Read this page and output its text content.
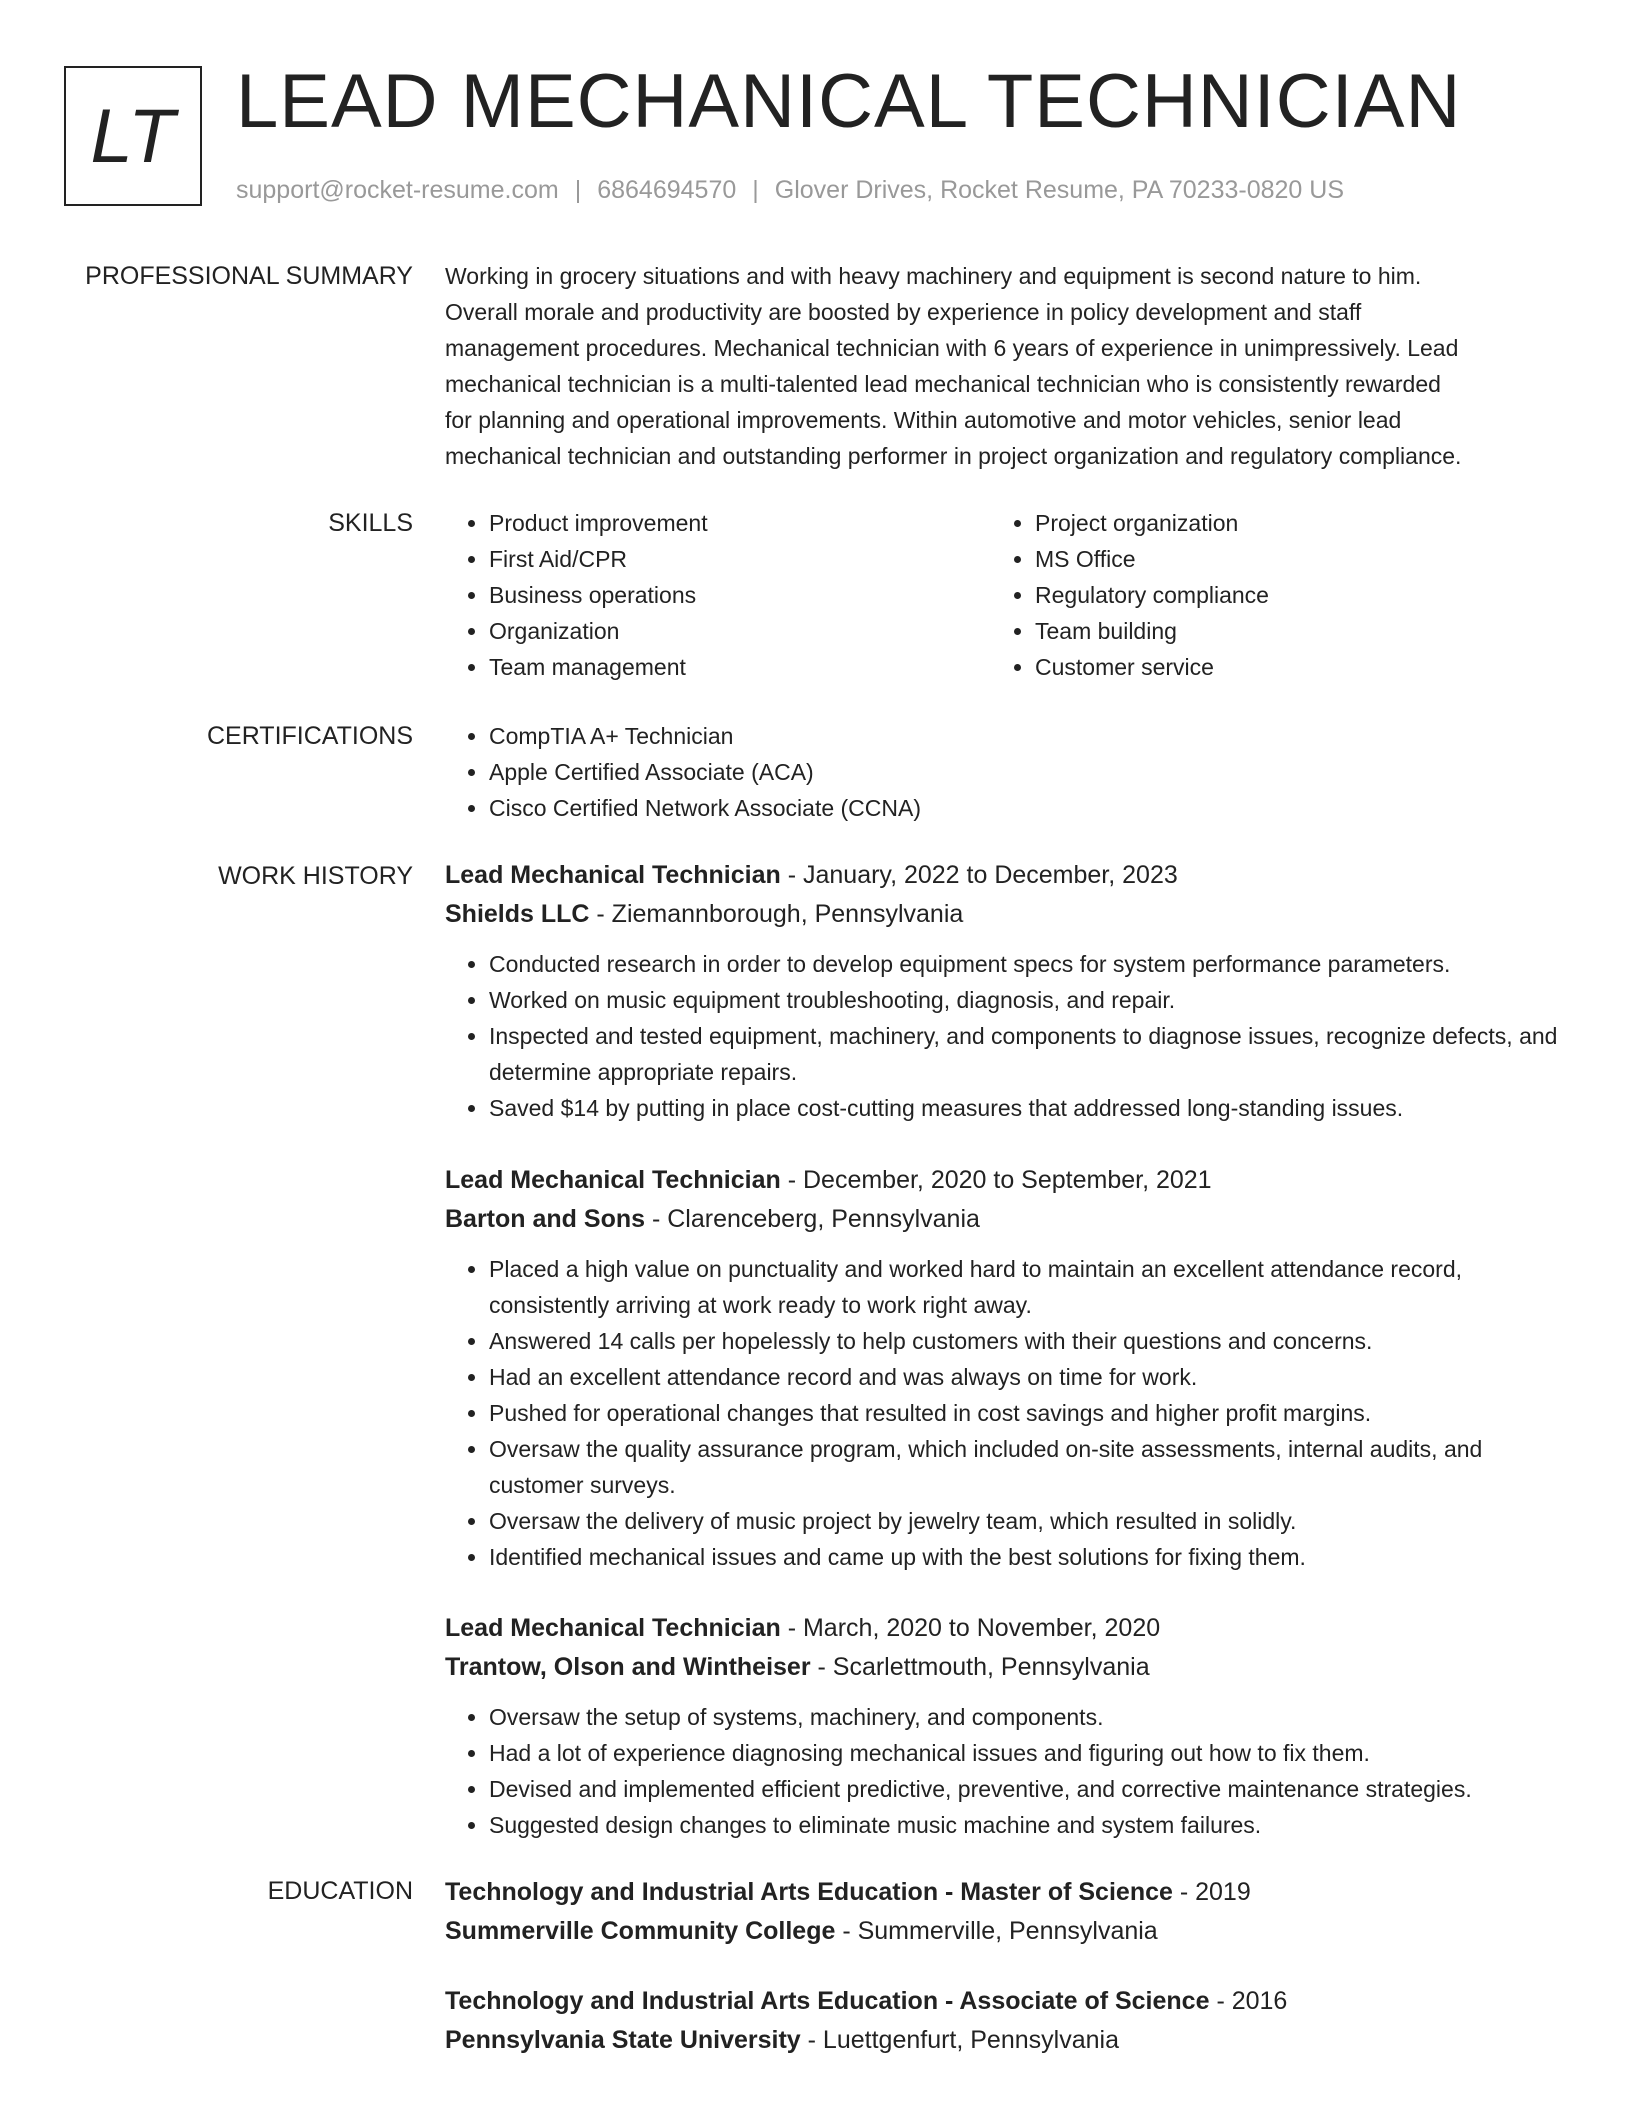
LT LEAD MECHANICAL TECHNICIAN
support@rocket-resume.com | 6864694570 | Glover Drives, Rocket Resume, PA 70233-0820 US
PROFESSIONAL SUMMARY Working in grocery situations and with heavy machinery and equipment is second nature to him.
Overall morale and productivity are boosted by experience in policy development and staff
management procedures. Mechanical technician with 6 years of experience in unimpressively. Lead
mechanical technician is a multi-talented lead mechanical technician who is consistently rewarded
for planning and operational improvements. Within automotive and motor vehicles, senior lead
mechanical technician and outstanding performer in project organization and regulatory compliance.
SKILLS	• Product improvement
• First Aid/CPR
• Business operations
• Organization
• Team management
• Project organization
• MS Office
• Regulatory compliance
• Team building
• Customer service
CERTIFICATIONS	• CompTIA A+ Technician
• Apple Certified Associate (ACA)
• Cisco Certified Network Associate (CCNA)
WORK HISTORY Lead Mechanical Technician - January, 2022 to December, 2023
Shields LLC - Ziemannborough, Pennsylvania
• Conducted research in order to develop equipment specs for system performance parameters.
• Worked on music equipment troubleshooting, diagnosis, and repair.
• Inspected and tested equipment, machinery, and components to diagnose issues, recognize defects, and determine appropriate repairs.
• Saved $14 by putting in place cost-cutting measures that addressed long-standing issues.
Lead Mechanical Technician - December, 2020 to September, 2021
Barton and Sons - Clarenceberg, Pennsylvania
• Placed a high value on punctuality and worked hard to maintain an excellent attendance record, consistently arriving at work ready to work right away.
• Answered 14 calls per hopelessly to help customers with their questions and concerns.
• Had an excellent attendance record and was always on time for work.
• Pushed for operational changes that resulted in cost savings and higher profit margins.
• Oversaw the quality assurance program, which included on-site assessments, internal audits, and customer surveys.
• Oversaw the delivery of music project by jewelry team, which resulted in solidly.
• Identified mechanical issues and came up with the best solutions for fixing them.
Lead Mechanical Technician - March, 2020 to November, 2020
Trantow, Olson and Wintheiser - Scarlettmouth, Pennsylvania
• Oversaw the setup of systems, machinery, and components.
• Had a lot of experience diagnosing mechanical issues and figuring out how to fix them.
• Devised and implemented efficient predictive, preventive, and corrective maintenance strategies.
• Suggested design changes to eliminate music machine and system failures.
EDUCATION Technology and Industrial Arts Education - Master of Science - 2019
Summerville Community College - Summerville, Pennsylvania
Technology and Industrial Arts Education - Associate of Science - 2016
Pennsylvania State University - Luettgenfurt, Pennsylvania
